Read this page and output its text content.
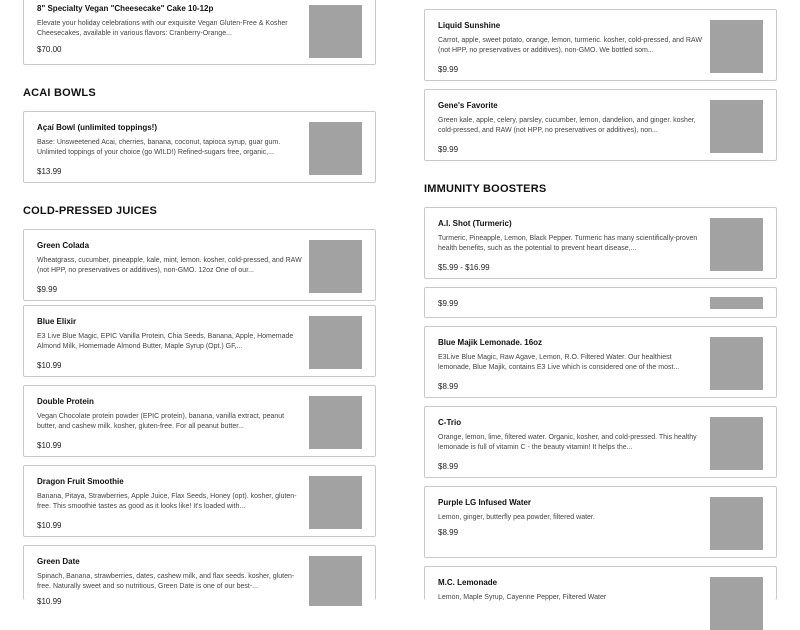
8" Specialty Vegan "Cheesecake" Cake 10-12p
Elevate your holiday celebrations with our exquisite Vegan Gluten-Free & Kosher Cheesecakes, available in various flavors: Cranberry-Orange...
$70.00
ACAI BOWLS
Açaí Bowl (unlimited toppings!)
Base: Unsweetened Acai, cherries, banana, coconut, tapioca syrup, guar gum. Unlimited toppings of your choice (go WILD!) Refined-sugars free, organic,...
$13.99
COLD-PRESSED JUICES
Green Colada
Wheatgrass, cucumber, pineapple, kale, mint, lemon. kosher, cold-pressed, and RAW (not HPP, no preservatives or additives), non-GMO. 12oz One of our...
$9.99
Blue Elixir
E3 Live Blue Magic, EPIC Vanilla Protein, Chia Seeds, Banana, Apple, Homemade Almond Milk, Homemade Almond Butter, Maple Syrup (Opt.) GF,...
$10.99
Double Protein
Vegan Chocolate protein powder (EPIC protein), banana, vanilla extract, peanut butter, and cashew milk. kosher, gluten-free. For all peanut butter...
$10.99
Dragon Fruit Smoothie
Banana, Pitaya, Strawberries, Apple Juice, Flax Seeds, Honey (opt). kosher, gluten-free. This smoothie tastes as good as it looks like! It's loaded with...
$10.99
Green Date
Spinach, Banana, strawberries, dates, cashew milk, and flax seeds. kosher, gluten-free. Naturally sweet and so nutritious, Green Date is one of our best-...
$10.99
Liquid Sunshine
Carrot, apple, sweet potato, orange, lemon, turmeric. kosher, cold-pressed, and RAW (not HPP, no preservatives or additives), non-GMO. We bottled som...
$9.99
Gene's Favorite
Green kale, apple, celery, parsley, cucumber, lemon, dandelion, and ginger. kosher, cold-pressed, and RAW (not HPP, no preservatives or additives), non...
$9.99
IMMUNITY BOOSTERS
A.I. Shot (Turmeric)
Turmeric, Pineapple, Lemon, Black Pepper. Turmeric has many scientifically-proven health benefits, such as the potential to prevent heart disease,...
$5.99 - $16.99
$9.99
Blue Majik Lemonade. 16oz
E3Live Blue Magic, Raw Agave, Lemon, R.O. Filtered Water. Our healthiest lemonade, Blue Majik, contains E3 Live which is considered one of the most...
$8.99
C-Trio
Orange, lemon, lime, filtered water. Organic, kosher, and cold-pressed. This healthy lemonade is full of vitamin C - the beauty vitamin! It helps the...
$8.99
Purple LG Infused Water
Lemon, ginger, butterfly pea powder, filtered water.
$8.99
M.C. Lemonade
Lemon, Maple Syrup, Cayenne Pepper, Filtered Water
